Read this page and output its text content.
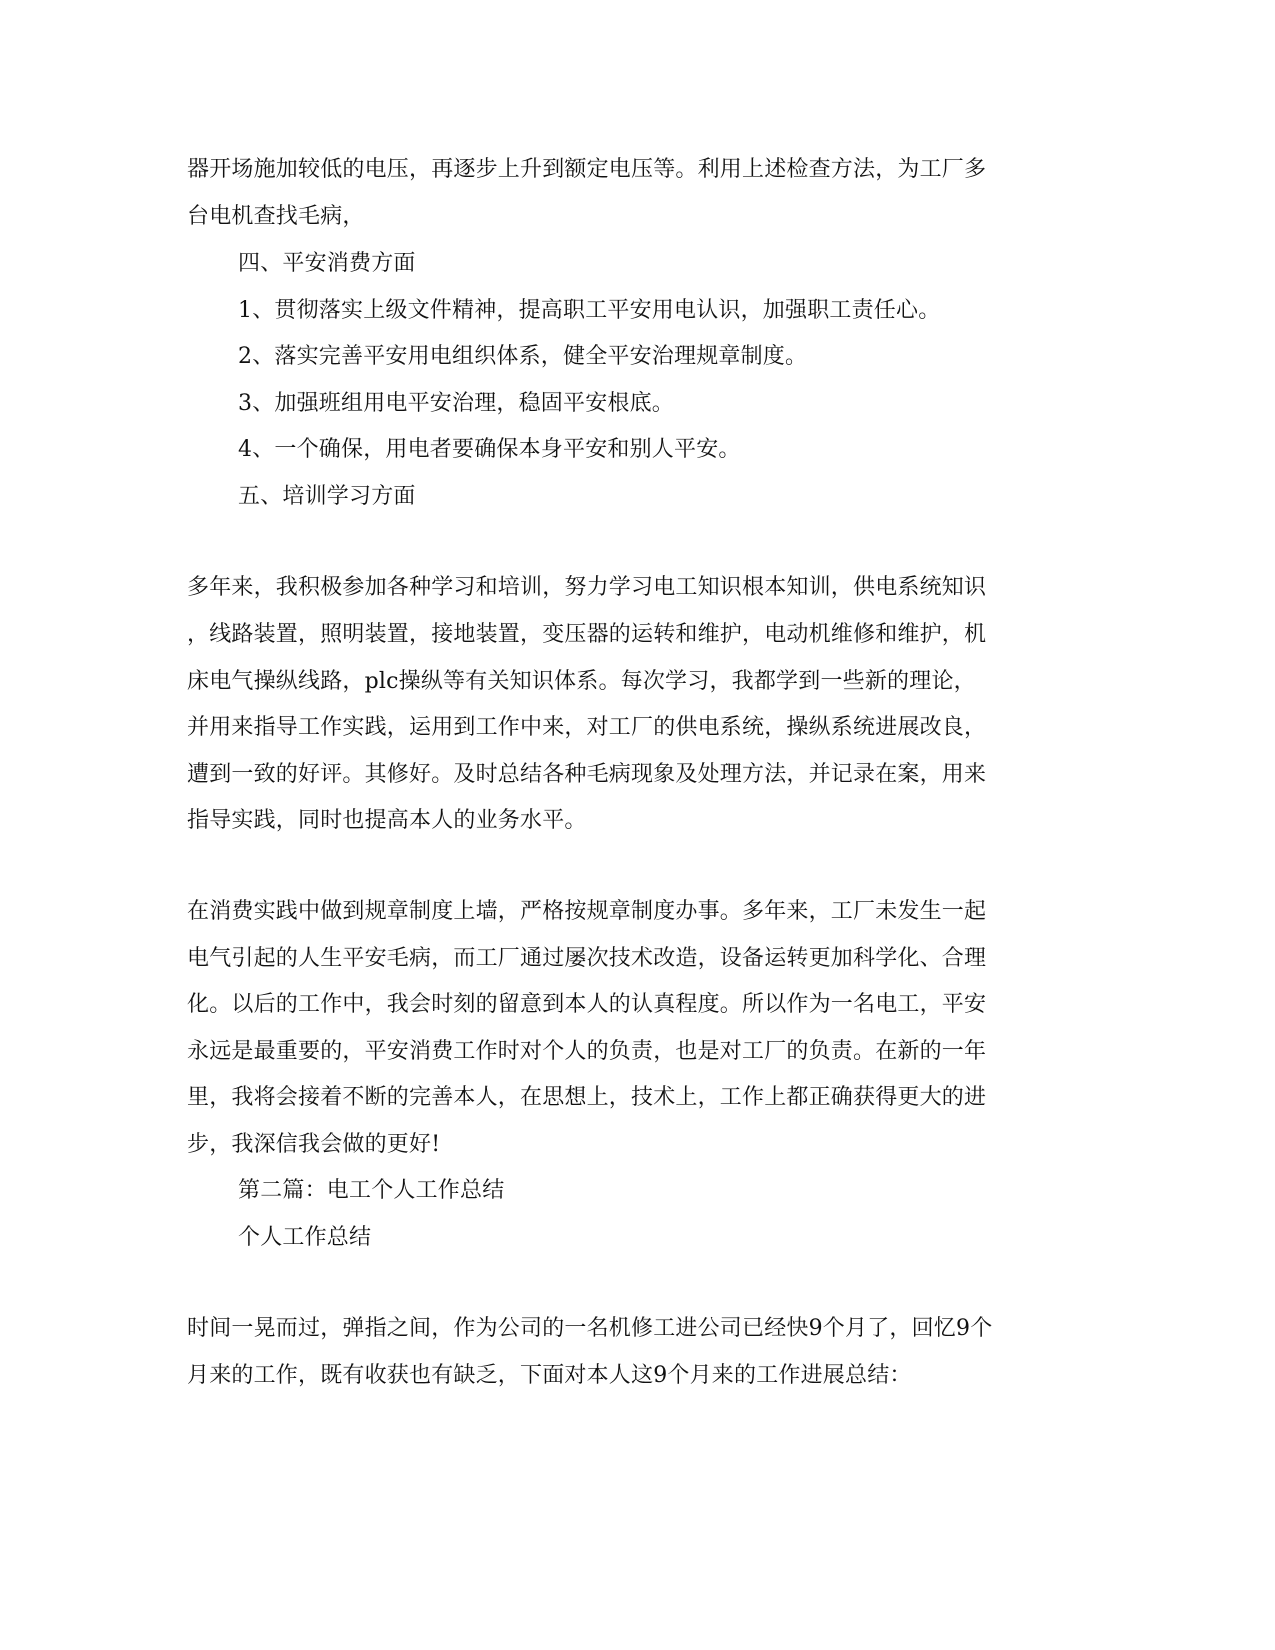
器开场施加较低的电压，再逐步上升到额定电压等。利用上述检查方法，为工厂多
台电机查找毛病，
四、平安消费方面
1、贯彻落实上级文件精神，提高职工平安用电认识，加强职工责任心。
2、落实完善平安用电组织体系，健全平安治理规章制度。
3、加强班组用电平安治理，稳固平安根底。
4、一个确保，用电者要确保本身平安和别人平安。
五、培训学习方面
多年来，我积极参加各种学习和培训，努力学习电工知识根本知训，供电系统知识
，线路装置，照明装置，接地装置，变压器的运转和维护，电动机维修和维护，机
床电气操纵线路，plc操纵等有关知识体系。每次学习，我都学到一些新的理论，
并用来指导工作实践，运用到工作中来，对工厂的供电系统，操纵系统进展改良，
遭到一致的好评。其修好。及时总结各种毛病现象及处理方法，并记录在案，用来
指导实践，同时也提高本人的业务水平。
在消费实践中做到规章制度上墙，严格按规章制度办事。多年来，工厂未发生一起
电气引起的人生平安毛病，而工厂通过屡次技术改造，设备运转更加科学化、合理
化。以后的工作中，我会时刻的留意到本人的认真程度。所以作为一名电工，平安
永远是最重要的，平安消费工作时对个人的负责，也是对工厂的负责。在新的一年
里，我将会接着不断的完善本人，在思想上，技术上，工作上都正确获得更大的进
步，我深信我会做的更好!
第二篇：电工个人工作总结
个人工作总结
时间一晃而过，弹指之间，作为公司的一名机修工进公司已经快9个月了，回忆9个
月来的工作，既有收获也有缺乏，下面对本人这9个月来的工作进展总结：
